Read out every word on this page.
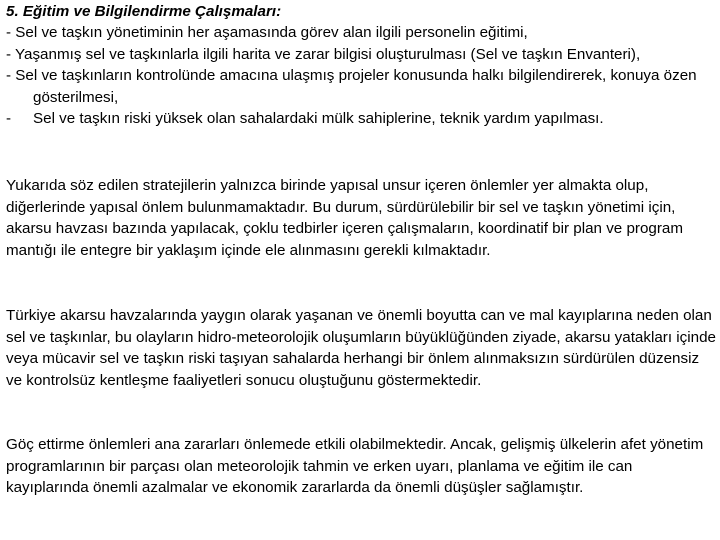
5. Eğitim ve Bilgilendirme Çalışmaları:
- Sel ve taşkın yönetiminin her aşamasında görev alan ilgili personelin eğitimi,
- Yaşanmış sel ve taşkınlarla ilgili harita ve zarar bilgisi oluşturulması (Sel ve taşkın Envanteri),
- Sel ve taşkınların kontrolünde amacına ulaşmış projeler konusunda halkı bilgilendirerek, konuya özen gösterilmesi,
- Sel ve taşkın riski yüksek olan sahalardaki mülk sahiplerine, teknik yardım yapılması.

Yukarıda söz edilen stratejilerin yalnızca birinde yapısal unsur içeren önlemler yer almakta olup, diğerlerinde yapısal önlem bulunmamaktadır. Bu durum, sürdürülebilir bir sel ve taşkın yönetimi için, akarsu havzası bazında yapılacak, çoklu tedbirler içeren çalışmaların, koordinatif bir plan ve program mantığı ile entegre bir yaklaşım içinde ele alınmasını gerekli kılmaktadır.

Türkiye akarsu havzalarında yaygın olarak yaşanan ve önemli boyutta can ve mal kayıplarına neden olan sel ve taşkınlar, bu olayların hidro-meteorolojik oluşumların büyüklüğünden ziyade, akarsu yatakları içinde veya mücavir sel ve taşkın riski taşıyan sahalarda herhangi bir önlem alınmaksızın sürdürülen düzensiz ve kontrolsüz kentleşme faaliyetleri sonucu oluştuğunu göstermektedir.

Göç ettirme önlemleri ana zararları önlemede etkili olabilmektedir. Ancak, gelişmiş ülkelerin afet yönetim programlarının bir parçası olan meteorolojik tahmin ve erken uyarı, planlama ve eğitim ile can kayıplarında önemli azalmalar ve ekonomik zararlarda da önemli düşüşler sağlamıştır.
